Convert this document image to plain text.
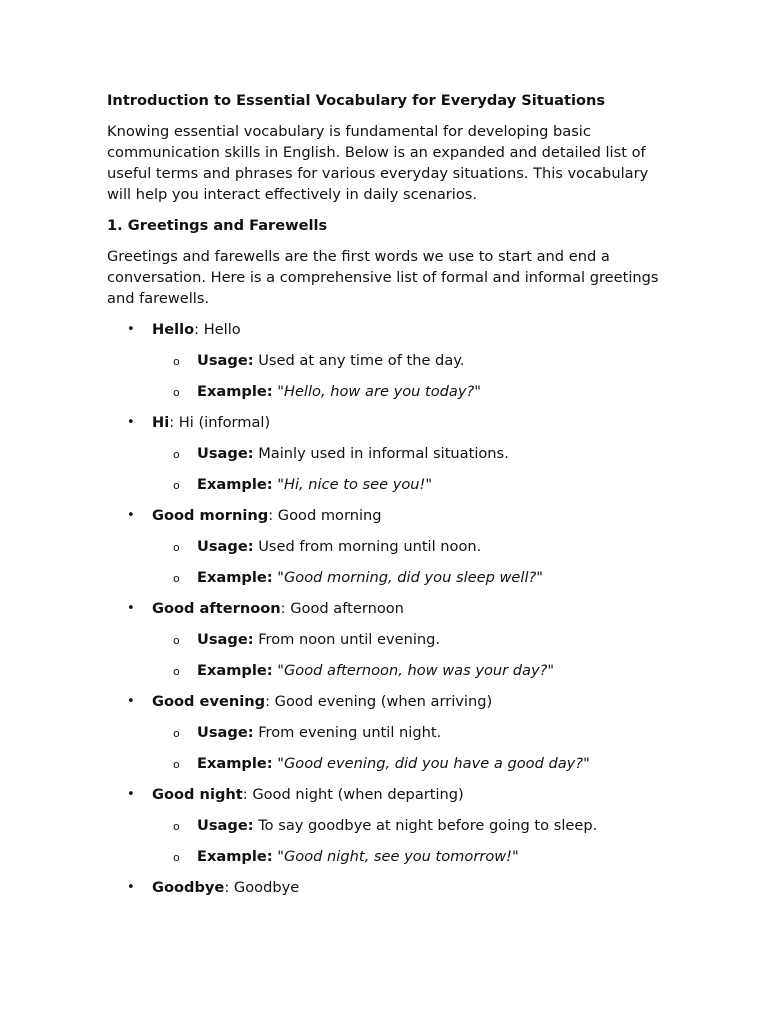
Introduction to Essential Vocabulary for Everyday Situations

Knowing essential vocabulary is fundamental for developing basic communication skills in English. Below is an expanded and detailed list of useful terms and phrases for various everyday situations. This vocabulary will help you interact effectively in daily scenarios.

1. Greetings and Farewells

Greetings and farewells are the first words we use to start and end a conversation. Here is a comprehensive list of formal and informal greetings and farewells.

• Hello: Hello
o Usage: Used at any time of the day.
o Example: "Hello, how are you today?"
• Hi: Hi (informal)
o Usage: Mainly used in informal situations.
o Example: "Hi, nice to see you!"
• Good morning: Good morning
o Usage: Used from morning until noon.
o Example: "Good morning, did you sleep well?"
• Good afternoon: Good afternoon
o Usage: From noon until evening.
o Example: "Good afternoon, how was your day?"
• Good evening: Good evening (when arriving)
o Usage: From evening until night.
o Example: "Good evening, did you have a good day?"
• Good night: Good night (when departing)
o Usage: To say goodbye at night before going to sleep.
o Example: "Good night, see you tomorrow!"
• Goodbye: Goodbye
